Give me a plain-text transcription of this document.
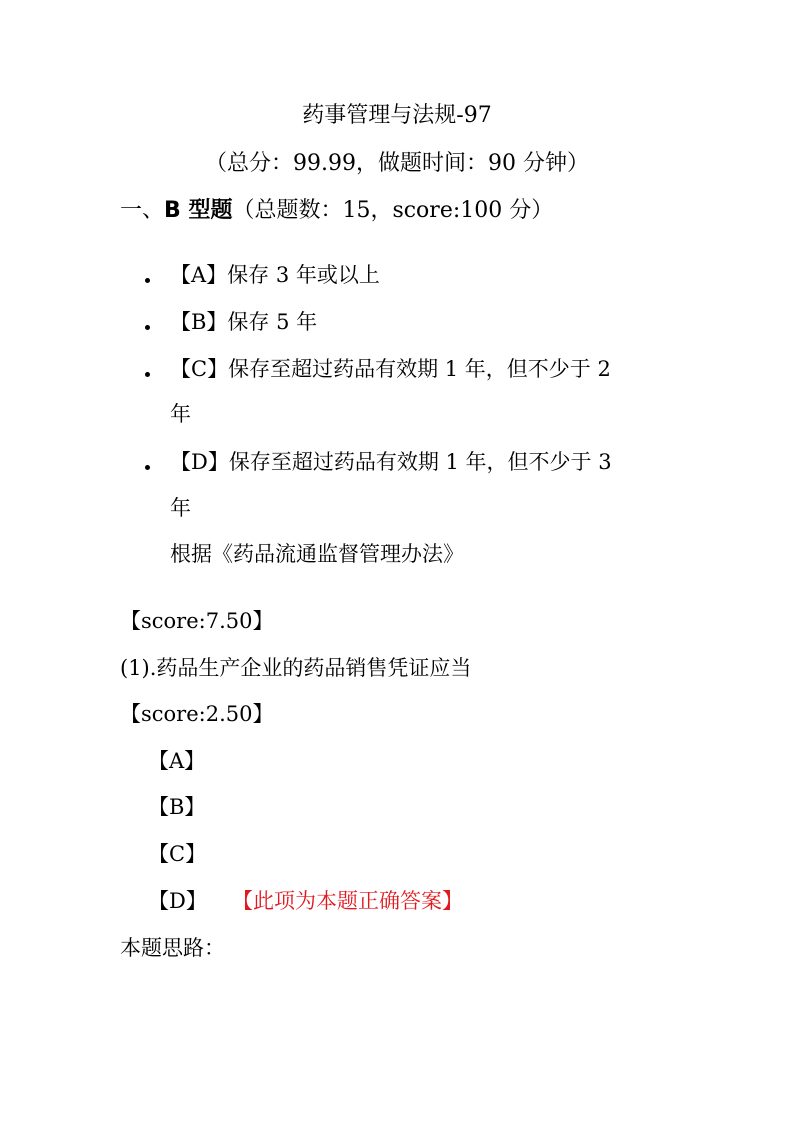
药事管理与法规-97
（总分：99.99，做题时间：90 分钟）
一、B 型题（总题数：15，score:100 分）
【A】保存 3 年或以上
【B】保存 5 年
【C】保存至超过药品有效期 1 年，但不少于 2
年
【D】保存至超过药品有效期 1 年，但不少于 3
年
根据《药品流通监督管理办法》
【score:7.50】
(1).药品生产企业的药品销售凭证应当
【score:2.50】
【A】
【B】
【C】
【D】 【此项为本题正确答案】
本题思路：
